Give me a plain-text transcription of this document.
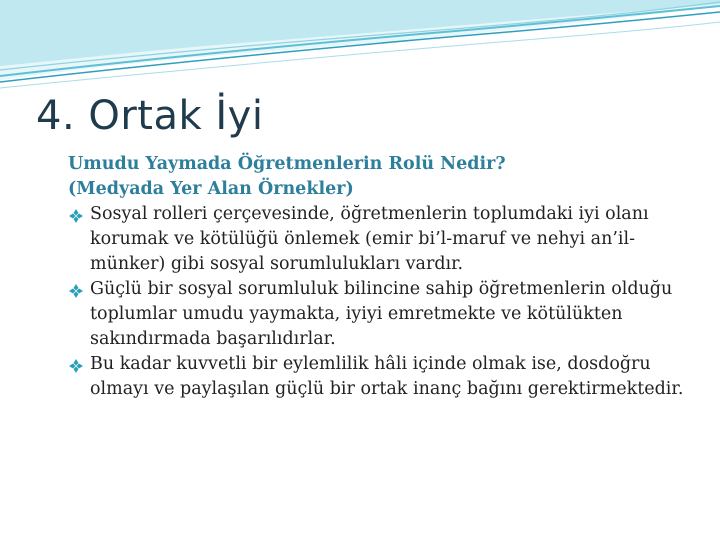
4. Ortak İyi

Umudu Yaymada Öğretmenlerin Rolü Nedir?

(Medyada Yer Alan Örnekler)

Sosyal rolleri çerçevesinde, öğretmenlerin toplumdaki iyi olanı korumak ve kötülüğü önlemek (emir bi’l-maruf ve nehyi an’il-münker) gibi sosyal sorumlulukları vardır.
Güçlü bir sosyal sorumluluk bilincine sahip öğretmenlerin olduğu toplumlar umudu yaymakta, iyiyi emretmekte ve kötülükten sakındırmada başarılıdırlar.
Bu kadar kuvvetli bir eylemlilik hâli içinde olmak ise, dosdoğru olmayı ve paylaşılan güçlü bir ortak inanç bağını gerektirmektedir.
